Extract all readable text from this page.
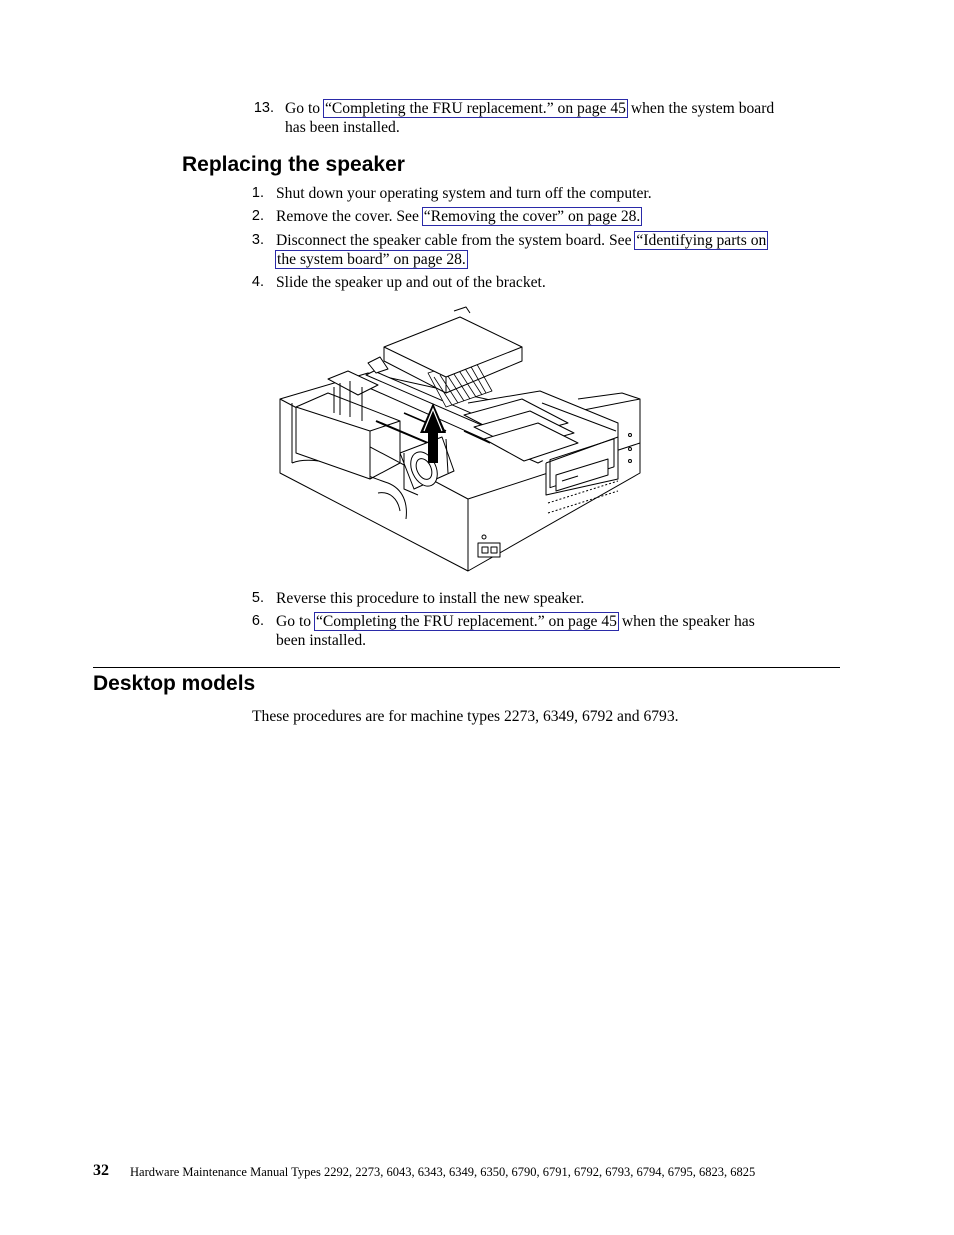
13. Go to “Completing the FRU replacement.” on page 45 when the system board
has been installed.
Replacing the speaker
1. Shut down your operating system and turn off the computer.
2. Remove the cover. See “Removing the cover” on page 28.
3. Disconnect the speaker cable from the system board. See “Identifying parts on
the system board” on page 28.
4. Slide the speaker up and out of the bracket.
5. Reverse this procedure to install the new speaker.
6. Go to “Completing the FRU replacement.” on page 45 when the speaker has
been installed.
Desktop models
These procedures are for machine types 2273, 6349, 6792 and 6793.
32 Hardware Maintenance Manual Types 2292, 2273, 6043, 6343, 6349, 6350, 6790, 6791, 6792, 6793, 6794, 6795, 6823, 6825
